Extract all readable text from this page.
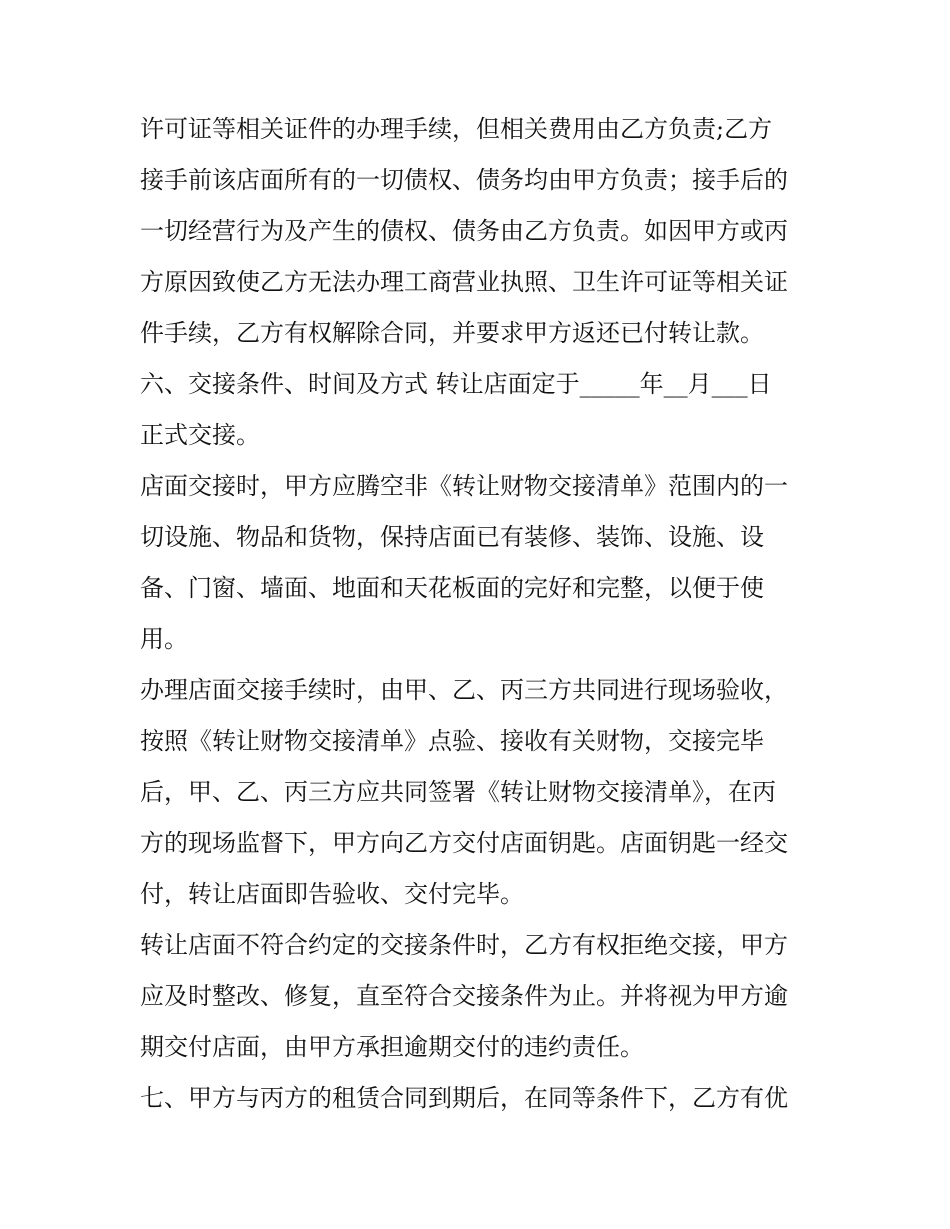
许可证等相关证件的办理手续，但相关费用由乙方负责;乙方
接手前该店面所有的一切债权、债务均由甲方负责；接手后的
一切经营行为及产生的债权、债务由乙方负责。如因甲方或丙
方原因致使乙方无法办理工商营业执照、卫生许可证等相关证
件手续，乙方有权解除合同，并要求甲方返还已付转让款。
六、交接条件、时间及方式 转让店面定于_____年__月___日
正式交接。
店面交接时，甲方应腾空非《转让财物交接清单》范围内的一
切设施、物品和货物，保持店面已有装修、装饰、设施、设
备、门窗、墙面、地面和天花板面的完好和完整，以便于使
用。
办理店面交接手续时，由甲、乙、丙三方共同进行现场验收，
按照《转让财物交接清单》点验、接收有关财物，交接完毕
后，甲、乙、丙三方应共同签署《转让财物交接清单》，在丙
方的现场监督下，甲方向乙方交付店面钥匙。店面钥匙一经交
付，转让店面即告验收、交付完毕。
转让店面不符合约定的交接条件时，乙方有权拒绝交接，甲方
应及时整改、修复，直至符合交接条件为止。并将视为甲方逾
期交付店面，由甲方承担逾期交付的违约责任。
七、甲方与丙方的租赁合同到期后，在同等条件下，乙方有优
